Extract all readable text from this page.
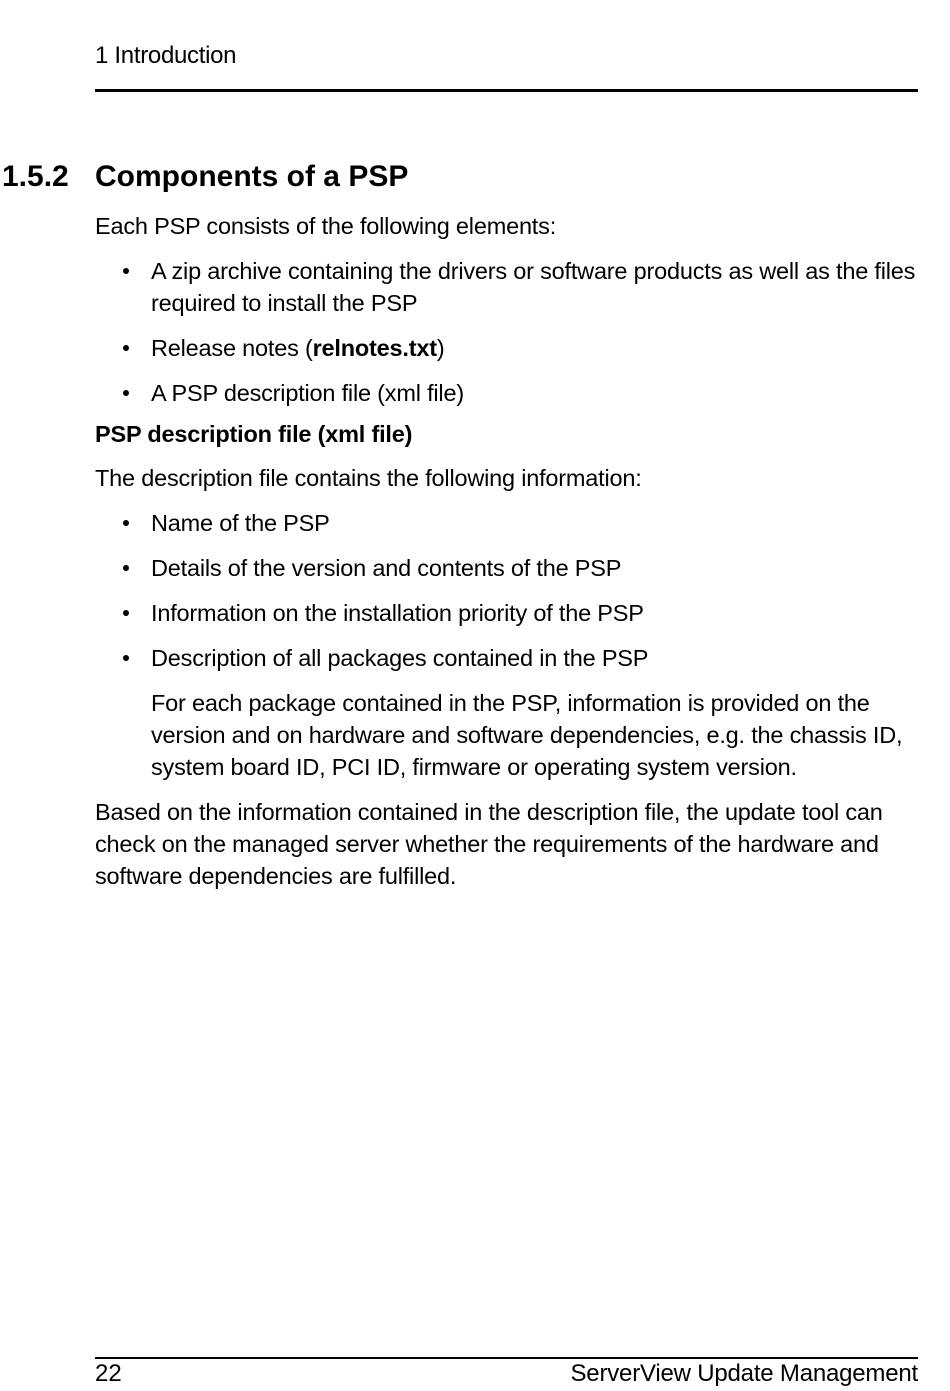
1 Introduction
1.5.2 Components of a PSP

Each PSP consists of the following elements:

A zip archive containing the drivers or software products as well as the files required to install the PSP
Release notes (relnotes.txt)
A PSP description file (xml file)

PSP description file (xml file)

The description file contains the following information:

Name of the PSP
Details of the version and contents of the PSP
Information on the installation priority of the PSP
Description of all packages contained in the PSP

For each package contained in the PSP, information is provided on the version and on hardware and software dependencies, e.g. the chassis ID, system board ID, PCI ID, firmware or operating system version.

Based on the information contained in the description file, the update tool can check on the managed server whether the requirements of the hardware and software dependencies are fulfilled.

22	ServerView Update Management
